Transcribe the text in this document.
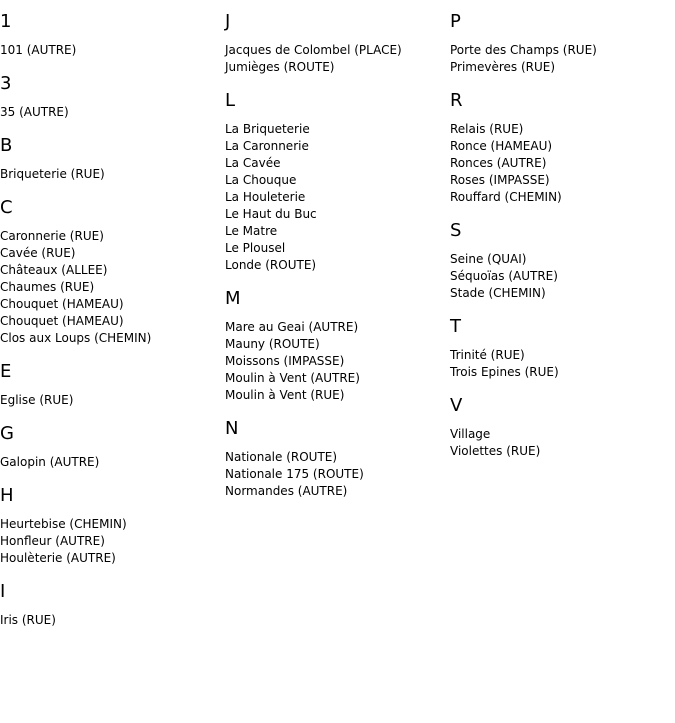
1
101 (AUTRE)
3
35 (AUTRE)
B
Briqueterie (RUE)
C
Caronnerie (RUE)
Cavée (RUE)
Châteaux (ALLEE)
Chaumes (RUE)
Chouquet (HAMEAU)
Chouquet (HAMEAU)
Clos aux Loups (CHEMIN)
E
Eglise (RUE)
G
Galopin (AUTRE)
H
Heurtebise (CHEMIN)
Honfleur (AUTRE)
Houlèterie (AUTRE)
I
Iris (RUE)
J
Jacques de Colombel (PLACE)
Jumièges (ROUTE)
L
La Briqueterie
La Caronnerie
La Cavée
La Chouque
La Houleterie
Le Haut du Buc
Le Matre
Le Plousel
Londe (ROUTE)
M
Mare au Geai (AUTRE)
Mauny (ROUTE)
Moissons (IMPASSE)
Moulin à Vent (AUTRE)
Moulin à Vent (RUE)
N
Nationale (ROUTE)
Nationale 175 (ROUTE)
Normandes (AUTRE)
P
Porte des Champs (RUE)
Primevères (RUE)
R
Relais (RUE)
Ronce (HAMEAU)
Ronces (AUTRE)
Roses (IMPASSE)
Rouffard (CHEMIN)
S
Seine (QUAI)
Séquoïas (AUTRE)
Stade (CHEMIN)
T
Trinité (RUE)
Trois Epines (RUE)
V
Village
Violettes (RUE)
